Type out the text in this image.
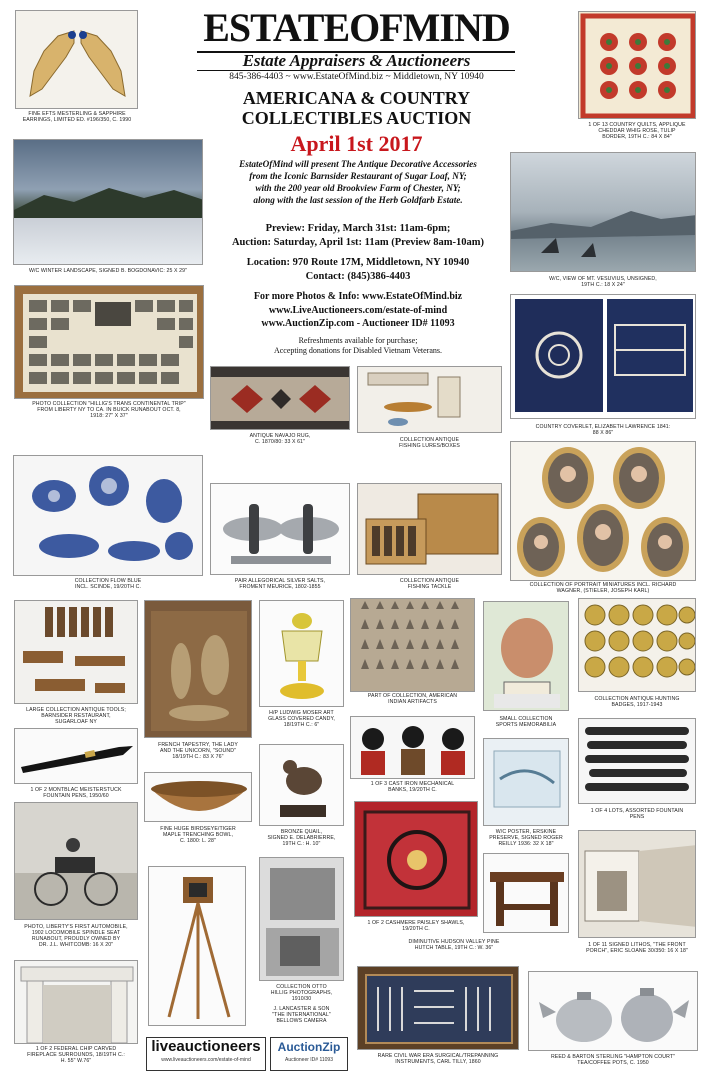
ESTATEOFMIND
Estate Appraisers & Auctioneers
845-386-4403 ~ www.EstateOfMind.biz ~ Middletown, NY 10940
AMERICANA & COUNTRY
COLLECTIBLES AUCTION
April 1st 2017
EstateOfMind will present The Antique Decorative Accessories
from the Iconic Barnsider Restaurant of Sugar Loaf, NY;
with the 200 year old Brookview Farm of Chester, NY;
along with the last session of the Herb Goldfarb Estate.
Preview: Friday, March 31st: 11am-6pm;
Auction: Saturday, April 1st: 11am (Preview 8am-10am)
Location: 970 Route 17M, Middletown, NY 10940
Contact: (845)386-4403
For more Photos & Info: www.EstateOfMind.biz
www.LiveAuctioneers.com/estate-of-mind
www.AuctionZip.com - Auctioneer ID# 11093
Refreshments available for purchase;
Accepting donations for Disabled Vietnam Veterans.
FINE EFTS MESTERLING & SAPPHIRE
EARRINGS, LIMITED ED. #196/350, C. 1990
1 OF 13 COUNTRY QUILTS, APPLIQUE
CHEDDAR WHIG ROSE, TULIP
BORDER, 19TH C.: 84 X 84"
W/C WINTER LANDSCAPE, SIGNED B. BOGDONAVIC: 25 X 29"
W/C, VIEW OF MT. VESUVIUS, UNSIGNED,
19TH C.: 18 X 24"
PHOTO COLLECTION "HILLIG'S TRANS CONTINENTAL TRIP"
FROM LIBERTY NY TO CA. IN BUICK RUNABOUT OCT. 8,
1918: 27" X 37"
ANTIQUE NAVAJO RUG,
C. 1870/80: 33 X 61"	COLLECTION ANTIQUE
FISHING LURES/BOXES
COUNTRY COVERLET, ELIZABETH LAWRENCE 1841:
88 X 86"
COLLECTION FLOW BLUE
INCL. SCINDE, 19/20TH C.
PAIR ALLEGORICAL SILVER SALTS,
FROMENT MEURICE, 1802-1855
COLLECTION ANTIQUE
FISHING TACKLE	COLLECTION OF PORTRAIT MINIATURES INCL. RICHARD
WAGNER, (STIELER, JOSEPH KARL)
LARGE COLLECTION ANTIQUE TOOLS;
BARNSIDER RESTAURANT,
SUGARLOAF NY
FRENCH TAPESTRY, THE LADY
AND THE UNICORN, "SOUND"
18/19TH C.: 83 X 76"
H/P LUDWIG MOSER ART
GLASS COVERED CANDY,
18/19TH C.: 6"
PART OF COLLECTION, AMERICAN
INDIAN ARTIFACTS
SMALL COLLECTION
SPORTS MEMORABILIA
COLLECTION ANTIQUE HUNTING
BADGES, 1917-1943
1 OF 2 MONTBLAC MEISTERSTUCK
FOUNTAIN PENS, 1950/60
1 OF 3 CAST IRON MECHANICAL
BANKS, 19/20TH C.
1 OF 4 LOTS, ASSORTED FOUNTAIN
PENS
FINE HUGE BIRDSEYE/TIGER
MAPLE TRENCHING BOWL,
C. 1800: L. 28"
BRONZE QUAIL,
SIGNED E. DELABRIERRE,
19TH C.: H. 10"
W/C POSTER, ERSKINE
PRESERVE, SIGNED ROGER
REILLY 1936: 32 X 18"
PHOTO, LIBERTY'S FIRST AUTOMOBILE,
1902 LOCOMOBILE SPINDLE SEAT
RUNABOUT, PROUDLY OWNED BY
DR. J.L. WHITCOMB: 16 X 20"
COLLECTION OTTO
HILLIG PHOTOGRAPHS,
1910/30
J. LANCASTER & SON
"THE INTERNATIONAL"
BELLOWS CAMERA
1 OF 2 CASHMERE PAISLEY SHAWLS,
19/20TH C.
DIMINUTIVE HUDSON VALLEY PINE
HUTCH TABLE, 19TH C.: W. 36"	1 OF 11 SIGNED LITHOS, "THE FRONT
PORCH", ERIC SLOANE 30/350: 16 X 18"
1 OF 2 FEDERAL CHIP CARVED
FIREPLACE SURROUNDS, 18/19TH C.:
H. 55" W.76"
RARE CIVIL WAR ERA SURGICAL/TREPANNING
INSTRUMENTS, CARL TILLY, 1860
REED & BARTON STERLING "HAMPTON COURT"
TEA/COFFEE POTS, C. 1950
liveauctioneers
www.liveauctioneers.com/estate-of-mind
AuctionZip
Auctioneer ID# 11093
